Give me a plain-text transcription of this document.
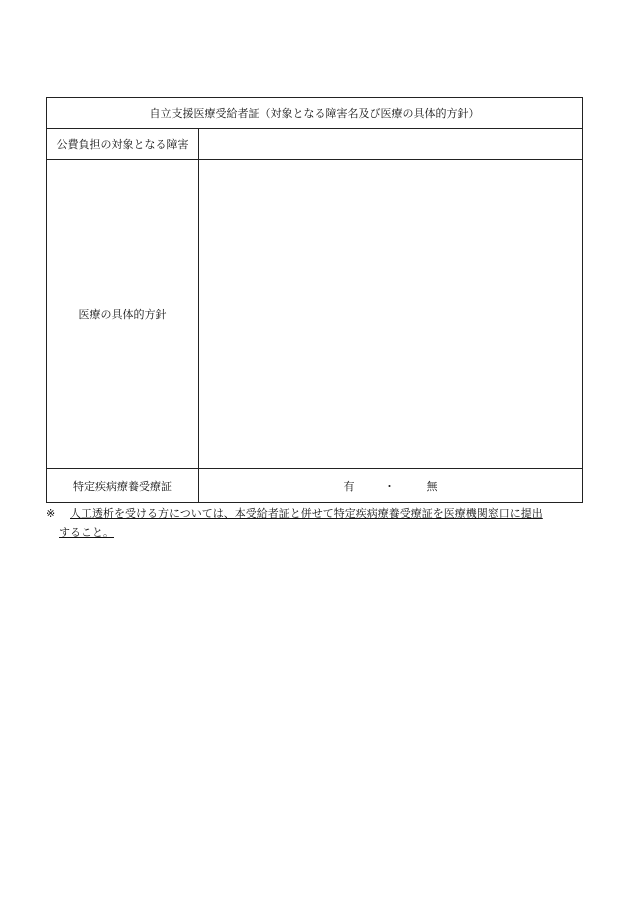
自立支援医療受給者証（対象となる障害名及び医療の具体的方針）	
公費負担の対象となる障害	
医療の具体的方針	
特定疾病療養受療証	有 ・ 無
※ 人工透析を受ける方については、本受給者証と併せて特定疾病療養受療証を医療機関窓口に提出
すること。
